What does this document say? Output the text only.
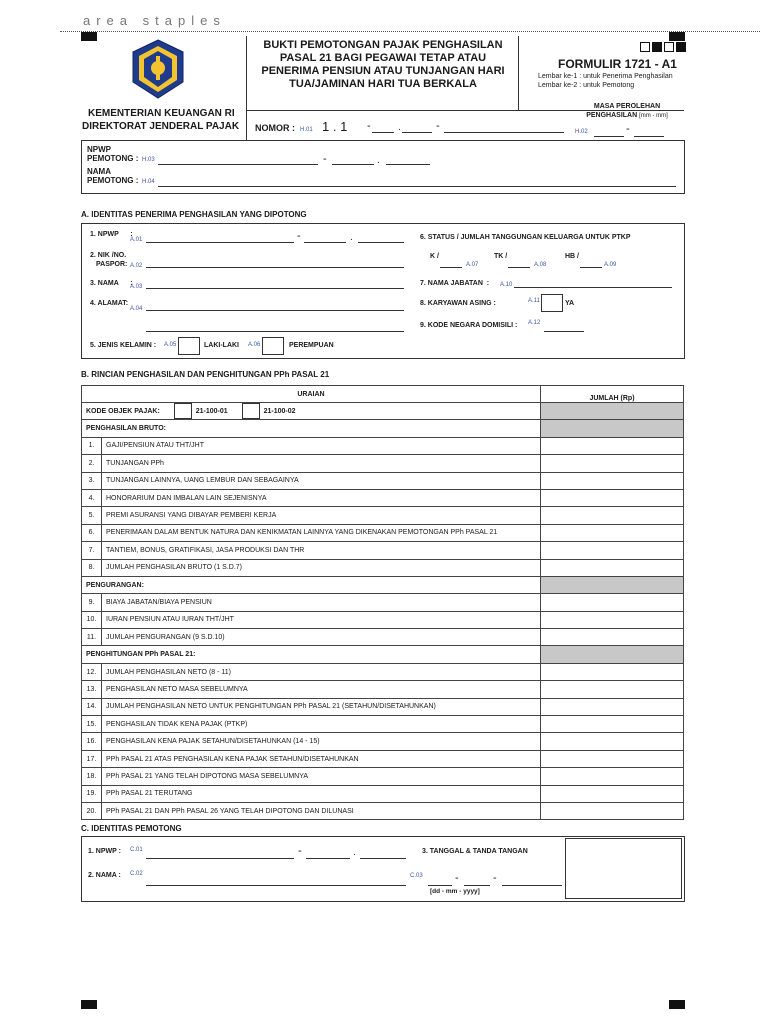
area staples
KEMENTERIAN KEUANGAN RI
DIREKTORAT JENDERAL PAJAK
BUKTI PEMOTONGAN PAJAK PENGHASILAN
PASAL 21 BAGI PEGAWAI TETAP ATAU
PENERIMA PENSIUN ATAU TUNJANGAN HARI
TUA/JAMINAN HARI TUA BERKALA
FORMULIR 1721 - A1
Lembar ke-1 : untuk Penerima Penghasilan
Lembar ke-2 : untuk Pemotong
NOMOR : H.01 1 . 1 -	.	-
MASA PEROLEHAN
PENGHASILAN [mm - mm]
H.02	-
NPWP
PEMOTONG : H.03	-	.
NAMA
PEMOTONG : H.04
A. IDENTITAS PENERIMA PENGHASILAN YANG DIPOTONG
1. NPWP      :
A.01	-	.
2. NIK /NO.
PASPOR: A.02
3. NAMA      :
A.03
4. ALAMAT:
A.04
5. JENIS KELAMIN : A.05	LAKI-LAKI A.06	PEREMPUAN
6. STATUS / JUMLAH TANGGUNGAN KELUARGA UNTUK PTKP
K /
A.07
TK /
A.08
HB /
A.09
7. NAMA JABATAN  : A.10
8. KARYAWAN ASING :	A.11	YA
9. KODE NEGARA DOMISILI : A.12
B. RINCIAN PENGHASILAN DAN PENGHITUNGAN PPh PASAL 21
URAIAN		JUMLAH (Rp)
KODE OBJEK PAJAK: 21-100-01 21-100-02		
PENGHASILAN BRUTO:		
1.	GAJI/PENSIUN ATAU THT/JHT	
2.	TUNJANGAN PPh	
3.	TUNJANGAN LAINNYA, UANG LEMBUR DAN SEBAGAINYA	
4.	HONORARIUM DAN IMBALAN LAIN SEJENISNYA	
5.	PREMI ASURANSI YANG DIBAYAR PEMBERI KERJA	
6.	PENERIMAAN DALAM BENTUK NATURA DAN KENIKMATAN LAINNYA YANG DIKENAKAN PEMOTONGAN PPh PASAL 21	
7.	TANTIEM, BONUS, GRATIFIKASI, JASA PRODUKSI DAN THR	
8.	JUMLAH PENGHASILAN BRUTO (1 S.D.7)	
PENGURANGAN:		
9.	BIAYA JABATAN/BIAYA PENSIUN	
10.	IURAN PENSIUN ATAU IURAN THT/JHT	
11.	JUMLAH PENGURANGAN (9 S.D.10)	
PENGHITUNGAN PPh PASAL 21:		
12.	JUMLAH PENGHASILAN NETO (8 - 11)	
13.	PENGHASILAN NETO MASA SEBELUMNYA	
14.	JUMLAH PENGHASILAN NETO UNTUK PENGHITUNGAN PPh PASAL 21 (SETAHUN/DISETAHUNKAN)	
15.	PENGHASILAN TIDAK KENA PAJAK (PTKP)	
16.	PENGHASILAN KENA PAJAK SETAHUN/DISETAHUNKAN (14 - 15)	
17.	PPh PASAL 21 ATAS PENGHASILAN KENA PAJAK SETAHUN/DISETAHUNKAN	
18.	PPh PASAL 21 YANG TELAH DIPOTONG MASA SEBELUMNYA	
19.	PPh PASAL 21 TERUTANG	
20.	PPh PASAL 21 DAN PPh PASAL 26 YANG TELAH DIPOTONG DAN DILUNASI	
C. IDENTITAS PEMOTONG
1. NPWP : C.01	-	.
2. NAMA : C.02
3. TANGGAL & TANDA TANGAN
C.03	-	-
[dd - mm - yyyy]
